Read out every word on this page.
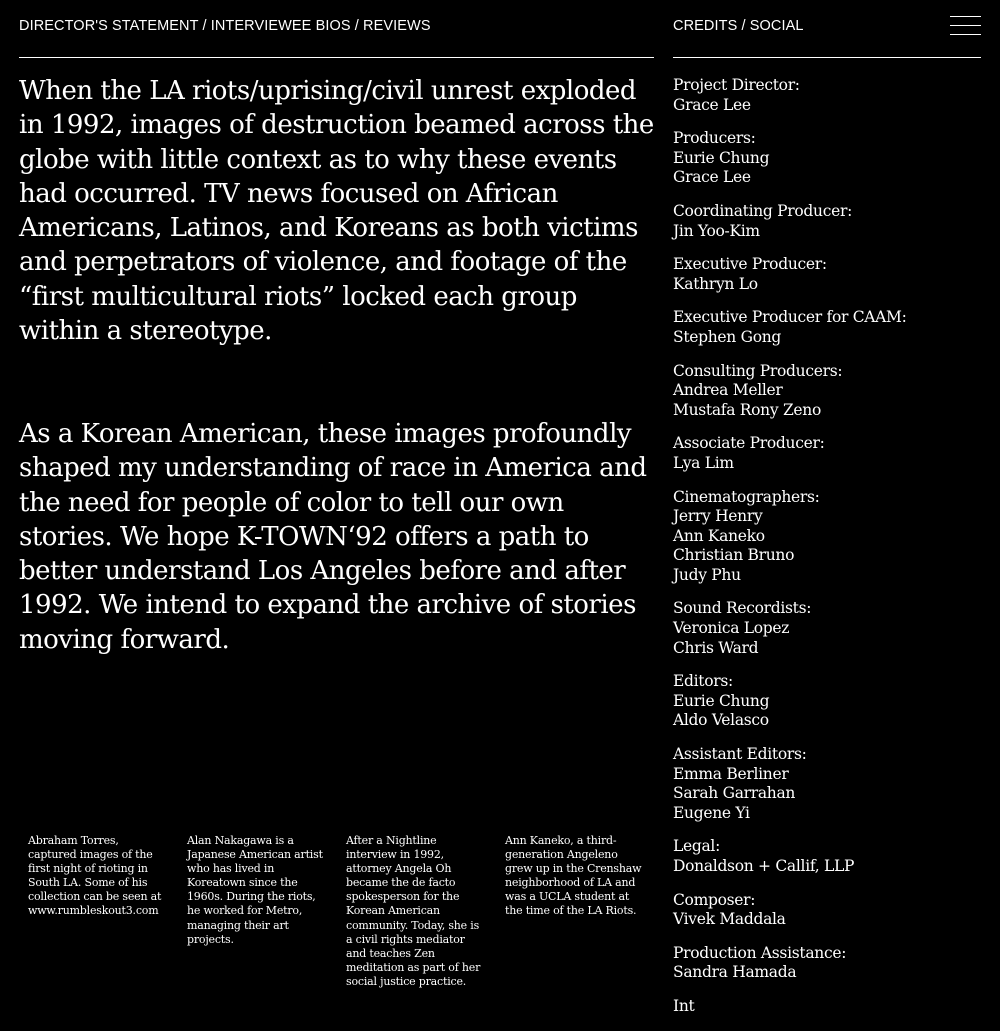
DIRECTOR'S STATEMENT / INTERVIEWEE BIOS / REVIEWS	CREDITS / SOCIAL

When the LA riots/uprising/civil unrest exploded in 1992, images of destruction beamed across the globe with little context as to why these events had occurred. TV news focused on African Americans, Latinos, and Koreans as both victims and perpetrators of violence, and footage of the “first multicultural riots” locked each group within a stereotype.

As a Korean American, these images profoundly shaped my understanding of race in America and the need for people of color to tell our own stories. We hope K-TOWN‘92 offers a path to better understand Los Angeles before and after 1992. We intend to expand the archive of stories moving forward.

Abraham Torres, captured images of the first night of rioting in South LA. Some of his collection can be seen at www.rumbleskout3.com

Alan Nakagawa is a Japanese American artist who has lived in Koreatown since the 1960s. During the riots, he worked for Metro, managing their art projects.

After a Nightline interview in 1992, attorney Angela Oh became the de facto spokesperson for the Korean American community. Today, she is a civil rights mediator and teaches Zen meditation as part of her social justice practice.

Ann Kaneko, a third-generation Angeleno grew up in the Crenshaw neighborhood of LA and was a UCLA student at the time of the LA Riots.

Project Director:
Grace Lee
Producers:
Eurie Chung
Grace Lee
Coordinating Producer:
Jin Yoo-Kim
Executive Producer:
Kathryn Lo
Executive Producer for CAAM:
Stephen Gong
Consulting Producers:
Andrea Meller
Mustafa Rony Zeno
Associate Producer:
Lya Lim
Cinematographers:
Jerry Henry
Ann Kaneko
Christian Bruno
Judy Phu
Sound Recordists:
Veronica Lopez
Chris Ward
Editors:
Eurie Chung
Aldo Velasco
Assistant Editors:
Emma Berliner
Sarah Garrahan
Eugene Yi
Legal:
Donaldson + Callif, LLP
Composer:
Vivek Maddala
Production Assistance:
Sandra Hamada
Int
